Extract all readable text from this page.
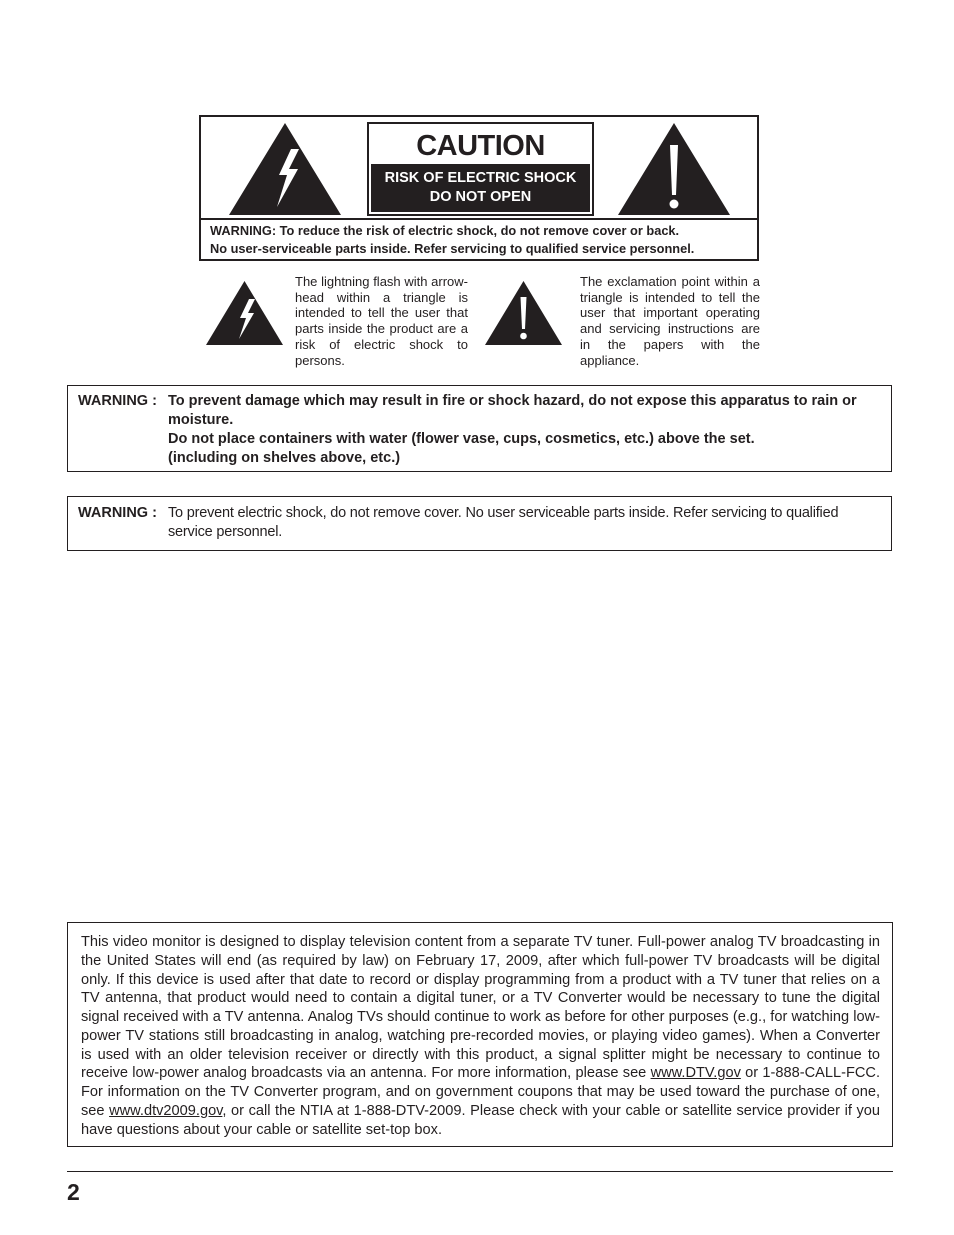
CAUTION
RISK OF ELECTRIC SHOCK
DO NOT OPEN
WARNING: To reduce the risk of electric shock, do not remove cover or back.
No user-serviceable parts inside. Refer servicing to qualified service personnel.
The lightning flash with arrow-head within a triangle is intended to tell the user that parts inside the product are a risk of electric shock to persons.
The exclamation point within a triangle is intended to tell the user that important operating and servicing instructions are in the papers with the appliance.
WARNING : To prevent damage which may result in fire or shock hazard, do not expose this apparatus to rain or moisture.
Do not place containers with water (flower vase, cups, cosmetics, etc.) above the set.
(including on shelves above, etc.)
WARNING : To prevent electric shock, do not remove cover. No user serviceable parts inside. Refer servicing to qualified service personnel.
This video monitor is designed to display television content from a separate TV tuner. Full-power analog TV broadcasting in the United States will end (as required by law) on February 17, 2009, after which full-power TV broadcasts will be digital only. If this device is used after that date to record or display programming from a product with a TV tuner that relies on a TV antenna, that product would need to contain a digital tuner, or a TV Converter would be necessary to tune the digital signal received with a TV antenna. Analog TVs should continue to work as before for other purposes (e.g., for watching low-power TV stations still broadcasting in analog, watching pre-recorded movies, or playing video games). When a Converter is used with an older television receiver or directly with this product, a signal splitter might be necessary to continue to receive low-power analog broadcasts via an antenna. For more information, please see www.DTV.gov or 1-888-CALL-FCC. For information on the TV Converter program, and on government coupons that may be used toward the purchase of one, see www.dtv2009.gov, or call the NTIA at 1-888-DTV-2009. Please check with your cable or satellite service provider if you have questions about your cable or satellite set-top box.
2
